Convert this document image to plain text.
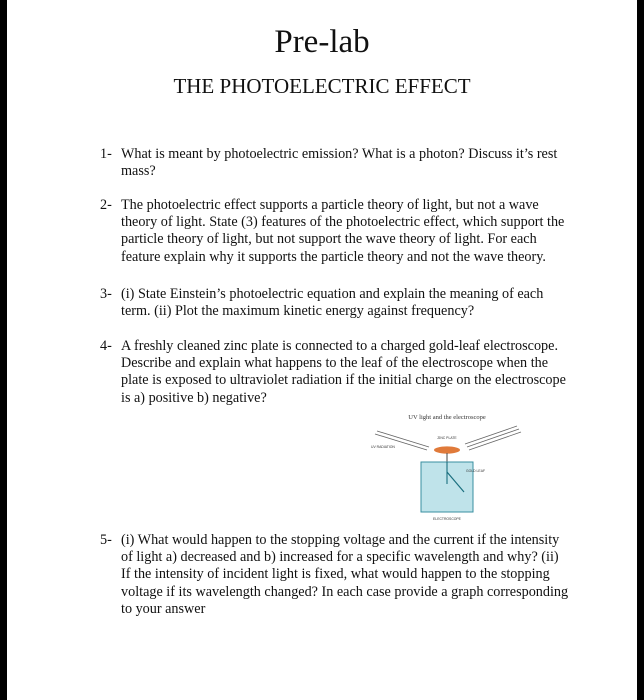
Pre-lab
THE PHOTOELECTRIC EFFECT
1- What is meant by photoelectric emission? What is a photon? Discuss it’s rest mass?
2- The photoelectric effect supports a particle theory of light, but not a wave theory of light. State (3) features of the photoelectric effect, which support the particle theory of light, but not support the wave theory of light. For each feature explain why it supports the particle theory and not the wave theory.
3- (i) State Einstein’s photoelectric equation and explain the meaning of each term. (ii) Plot the maximum kinetic energy against frequency?
4- A freshly cleaned zinc plate is connected to a charged gold-leaf electroscope. Describe and explain what happens to the leaf of the electroscope when the plate is exposed to ultraviolet radiation if the initial charge on the electroscope is a) positive b) negative?
UV light and the electroscope
UV RADIATION
ZINC PLATE
GOLD LEAF
ELECTROSCOPE
5- (i) What would happen to the stopping voltage and the current if the intensity of light a) decreased and b) increased for a specific wavelength and why? (ii) If the intensity of incident light is fixed, what would happen to the stopping voltage if its wavelength changed? In each case provide a graph corresponding to your answer
